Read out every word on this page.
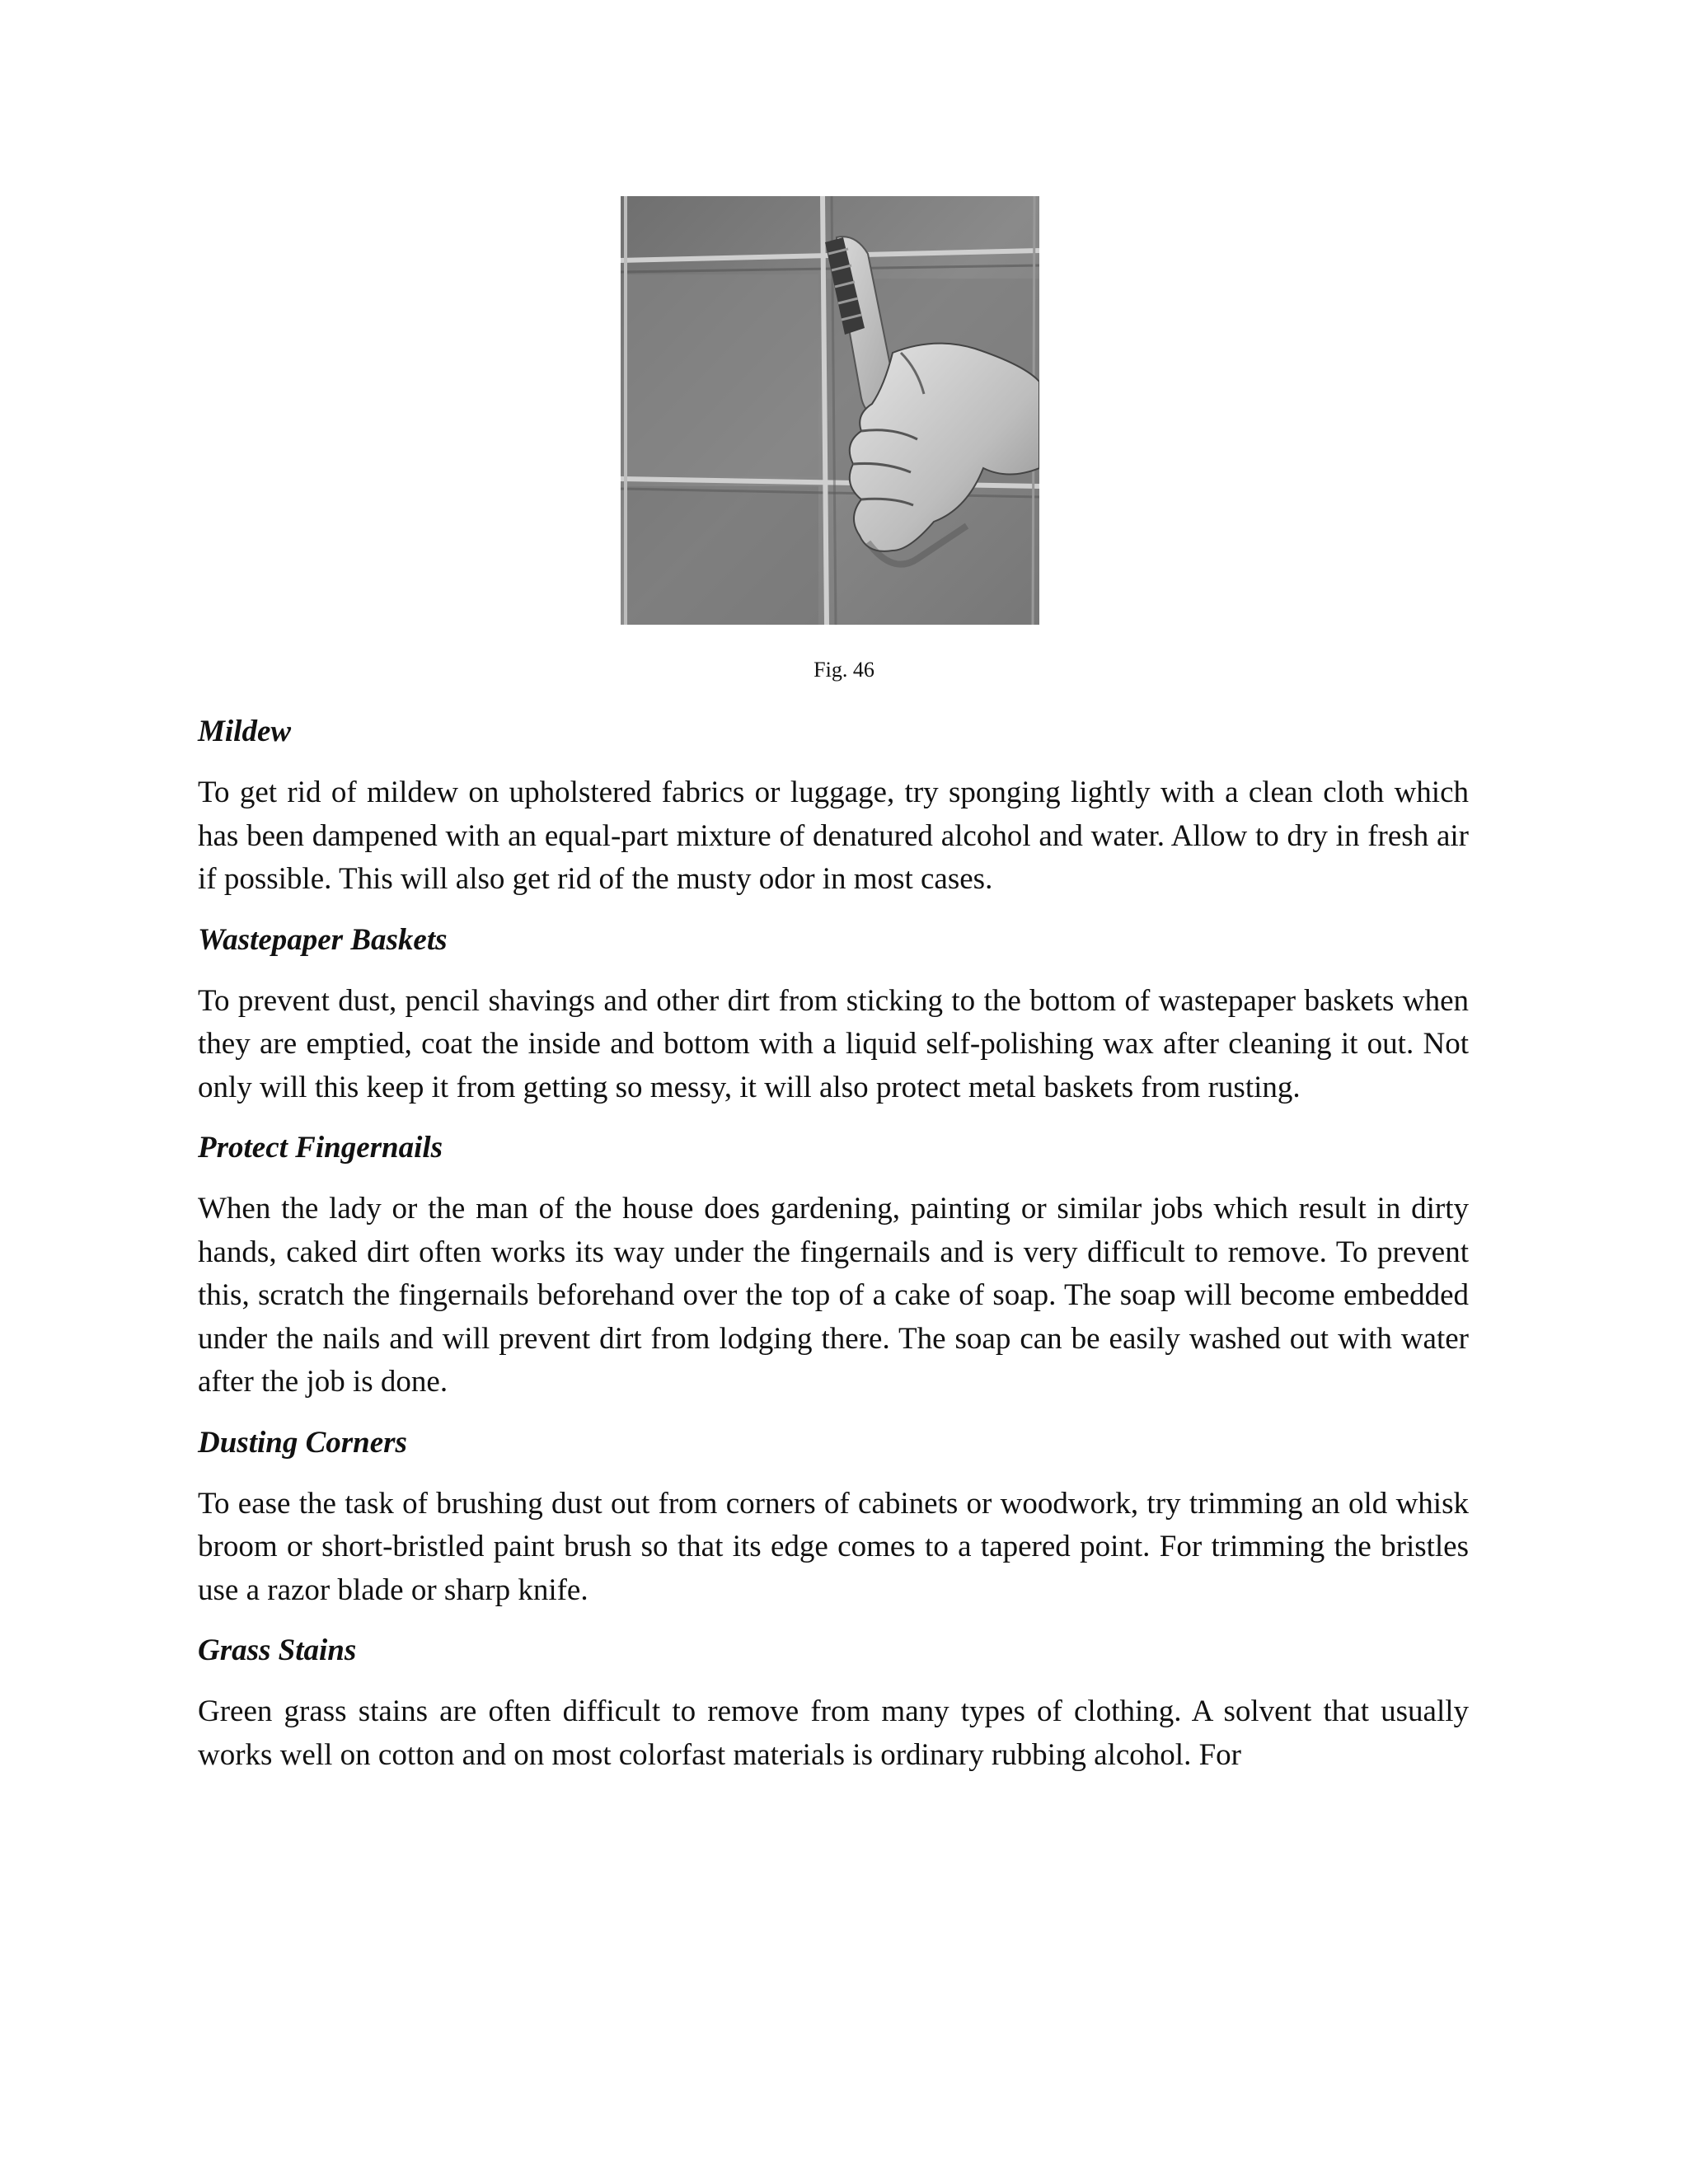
Fig. 46
Mildew

To get rid of mildew on upholstered fabrics or luggage, try sponging lightly with a clean cloth which has been dampened with an equal-part mixture of denatured alcohol and water. Allow to dry in fresh air if possible. This will also get rid of the musty odor in most cases.

Wastepaper Baskets

To prevent dust, pencil shavings and other dirt from sticking to the bottom of wastepaper baskets when they are emptied, coat the inside and bottom with a liquid self-polishing wax after cleaning it out. Not only will this keep it from getting so messy, it will also protect metal baskets from rusting.

Protect Fingernails

When the lady or the man of the house does gardening, painting or similar jobs which result in dirty hands, caked dirt often works its way under the fingernails and is very difficult to remove. To prevent this, scratch the fingernails beforehand over the top of a cake of soap. The soap will become embedded under the nails and will prevent dirt from lodging there. The soap can be easily washed out with water after the job is done.

Dusting Corners

To ease the task of brushing dust out from corners of cabinets or woodwork, try trimming an old whisk broom or short-bristled paint brush so that its edge comes to a tapered point. For trimming the bristles use a razor blade or sharp knife.

Grass Stains

Green grass stains are often difficult to remove from many types of clothing. A solvent that usually works well on cotton and on most colorfast materials is ordinary rubbing alcohol. For
